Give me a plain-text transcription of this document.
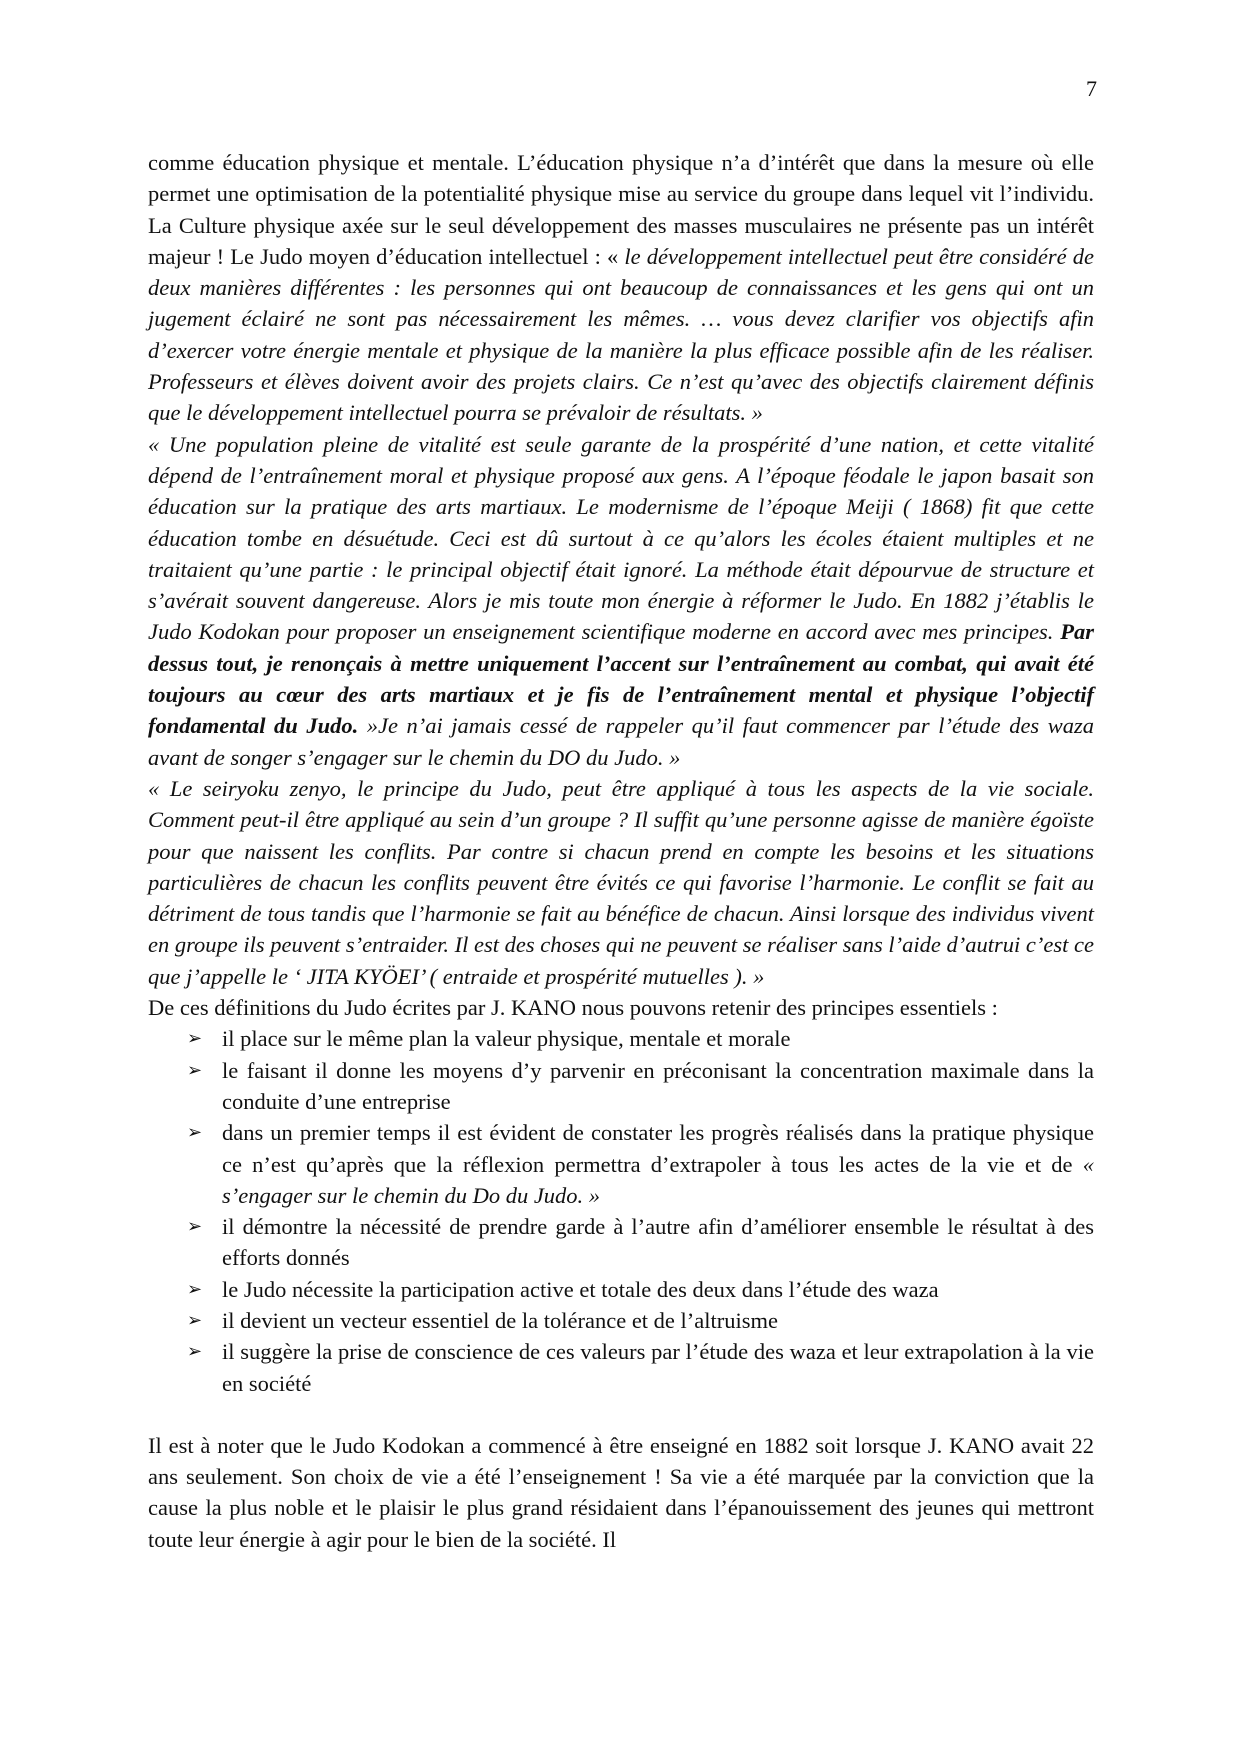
7

comme éducation physique et mentale. L’éducation physique n’a d’intérêt que dans la mesure où elle permet une optimisation de la potentialité physique mise au service du groupe dans lequel vit l’individu. La Culture physique axée sur le seul développement des masses musculaires ne présente pas un intérêt majeur ! Le Judo moyen d’éducation intellectuel : « le développement intellectuel peut être considéré de deux manières différentes : les personnes qui ont beaucoup de connaissances et les gens qui ont un jugement éclairé ne sont pas nécessairement les mêmes. … vous devez clarifier vos objectifs afin d’exercer votre énergie mentale et physique de la manière la plus efficace possible afin de les réaliser. Professeurs et élèves doivent avoir des projets clairs. Ce n’est qu’avec des objectifs clairement définis que le développement intellectuel pourra se prévaloir de résultats. »

« Une population pleine de vitalité est seule garante de la prospérité d’une nation, et cette vitalité dépend de l’entraînement moral et physique proposé aux gens. A l’époque féodale le japon basait son éducation sur la pratique des arts martiaux. Le modernisme de l’époque Meiji ( 1868) fit que cette éducation tombe en désuétude. Ceci est dû surtout à ce qu’alors les écoles étaient multiples et ne traitaient qu’une partie : le principal objectif était ignoré. La méthode était dépourvue de structure et s’avérait souvent dangereuse. Alors je mis toute mon énergie à réformer le Judo. En 1882 j’établis le Judo Kodokan pour proposer un enseignement scientifique moderne en accord avec mes principes. Par dessus tout, je renonçais à mettre uniquement l’accent sur l’entraînement au combat, qui avait été toujours au cœur des arts martiaux et je fis de l’entraînement mental et physique l’objectif fondamental du Judo. »Je n’ai jamais cessé de rappeler qu’il faut commencer par l’étude des waza avant de songer s’engager sur le chemin du DO du Judo. »

« Le seiryoku zenyo, le principe du Judo, peut être appliqué à tous les aspects de la vie sociale. Comment peut-il être appliqué au sein d’un groupe ? Il suffit qu’une personne agisse de manière égoïste pour que naissent les conflits. Par contre si chacun prend en compte les besoins et les situations particulières de chacun les conflits peuvent être évités ce qui favorise l’harmonie. Le conflit se fait au détriment de tous tandis que l’harmonie se fait au bénéfice de chacun. Ainsi lorsque des individus vivent en groupe ils peuvent s’entraider. Il est des choses qui ne peuvent se réaliser sans l’aide d’autrui c’est ce que j’appelle le ‘ JITA KYÖEI’ ( entraide et prospérité mutuelles ). »

De ces définitions du Judo écrites par J. KANO nous pouvons retenir des principes essentiels :

➢ il place sur le même plan la valeur physique, mentale et morale
➢ le faisant il donne les moyens d’y parvenir en préconisant la concentration maximale dans la conduite d’une entreprise
➢ dans un premier temps il est évident de constater les progrès réalisés dans la pratique physique ce n’est qu’après que la réflexion permettra d’extrapoler à tous les actes de la vie et de « s’engager sur le chemin du Do du Judo. »
➢ il démontre la nécessité de prendre garde à l’autre afin d’améliorer ensemble le résultat à des efforts donnés
➢ le Judo nécessite la participation active et totale des deux dans l’étude des waza
➢ il devient un vecteur essentiel de la tolérance et de l’altruisme
➢ il suggère la prise de conscience de ces valeurs par l’étude des waza et leur extrapolation à la vie en société

Il est à noter que le Judo Kodokan a commencé à être enseigné en 1882 soit lorsque J. KANO avait 22 ans seulement. Son choix de vie a été l’enseignement ! Sa vie a été marquée par la conviction que la cause la plus noble et le plaisir le plus grand résidaient dans l’épanouissement des jeunes qui mettront toute leur énergie à agir pour le bien de la société. Il
